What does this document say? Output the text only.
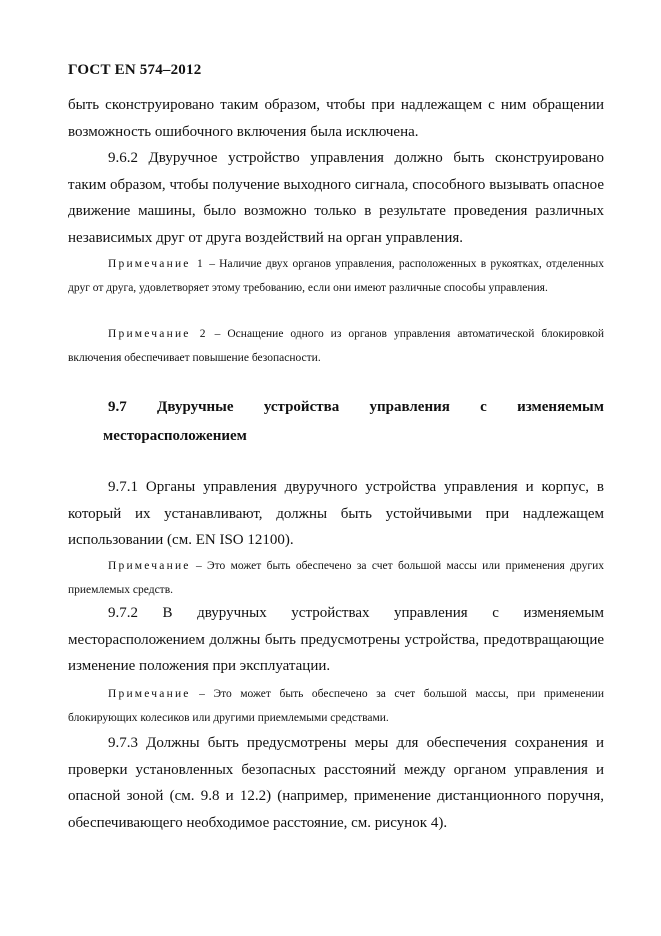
ГОСТ EN 574–2012

быть сконструировано таким образом, чтобы при надлежащем с ним обращении возможность ошибочного включения была исключена.

9.6.2 Двуручное устройство управления должно быть сконструировано таким образом, чтобы получение выходного сигнала, способного вызывать опасное движение машины, было возможно только в результате проведения различных независимых друг от друга воздействий на орган управления.

Примечание 1 – Наличие двух органов управления, расположенных в рукоятках, отделенных друг от друга, удовлетворяет этому требованию, если они имеют различные способы управления.

Примечание 2 – Оснащение одного из органов управления автоматической блокировкой включения обеспечивает повышение безопасности.

9.7 Двуручные устройства управления с изменяемым
месторасположением

9.7.1 Органы управления двуручного устройства управления и корпус, в который их устанавливают, должны быть устойчивыми при надлежащем использовании (см. EN ISO 12100).

Примечание – Это может быть обеспечено за счет большой массы или применения других приемлемых средств.

9.7.2 В двуручных устройствах управления с изменяемым месторасположением должны быть предусмотрены устройства, предотвращающие изменение положения при эксплуатации.

Примечание – Это может быть обеспечено за счет большой массы, при применении блокирующих колесиков или другими приемлемыми средствами.

9.7.3 Должны быть предусмотрены меры для обеспечения сохранения и проверки установленных безопасных расстояний между органом управления и опасной зоной (см. 9.8 и 12.2) (например, применение дистанционного поручня, обеспечивающего необходимое расстояние, см. рисунок 4).
